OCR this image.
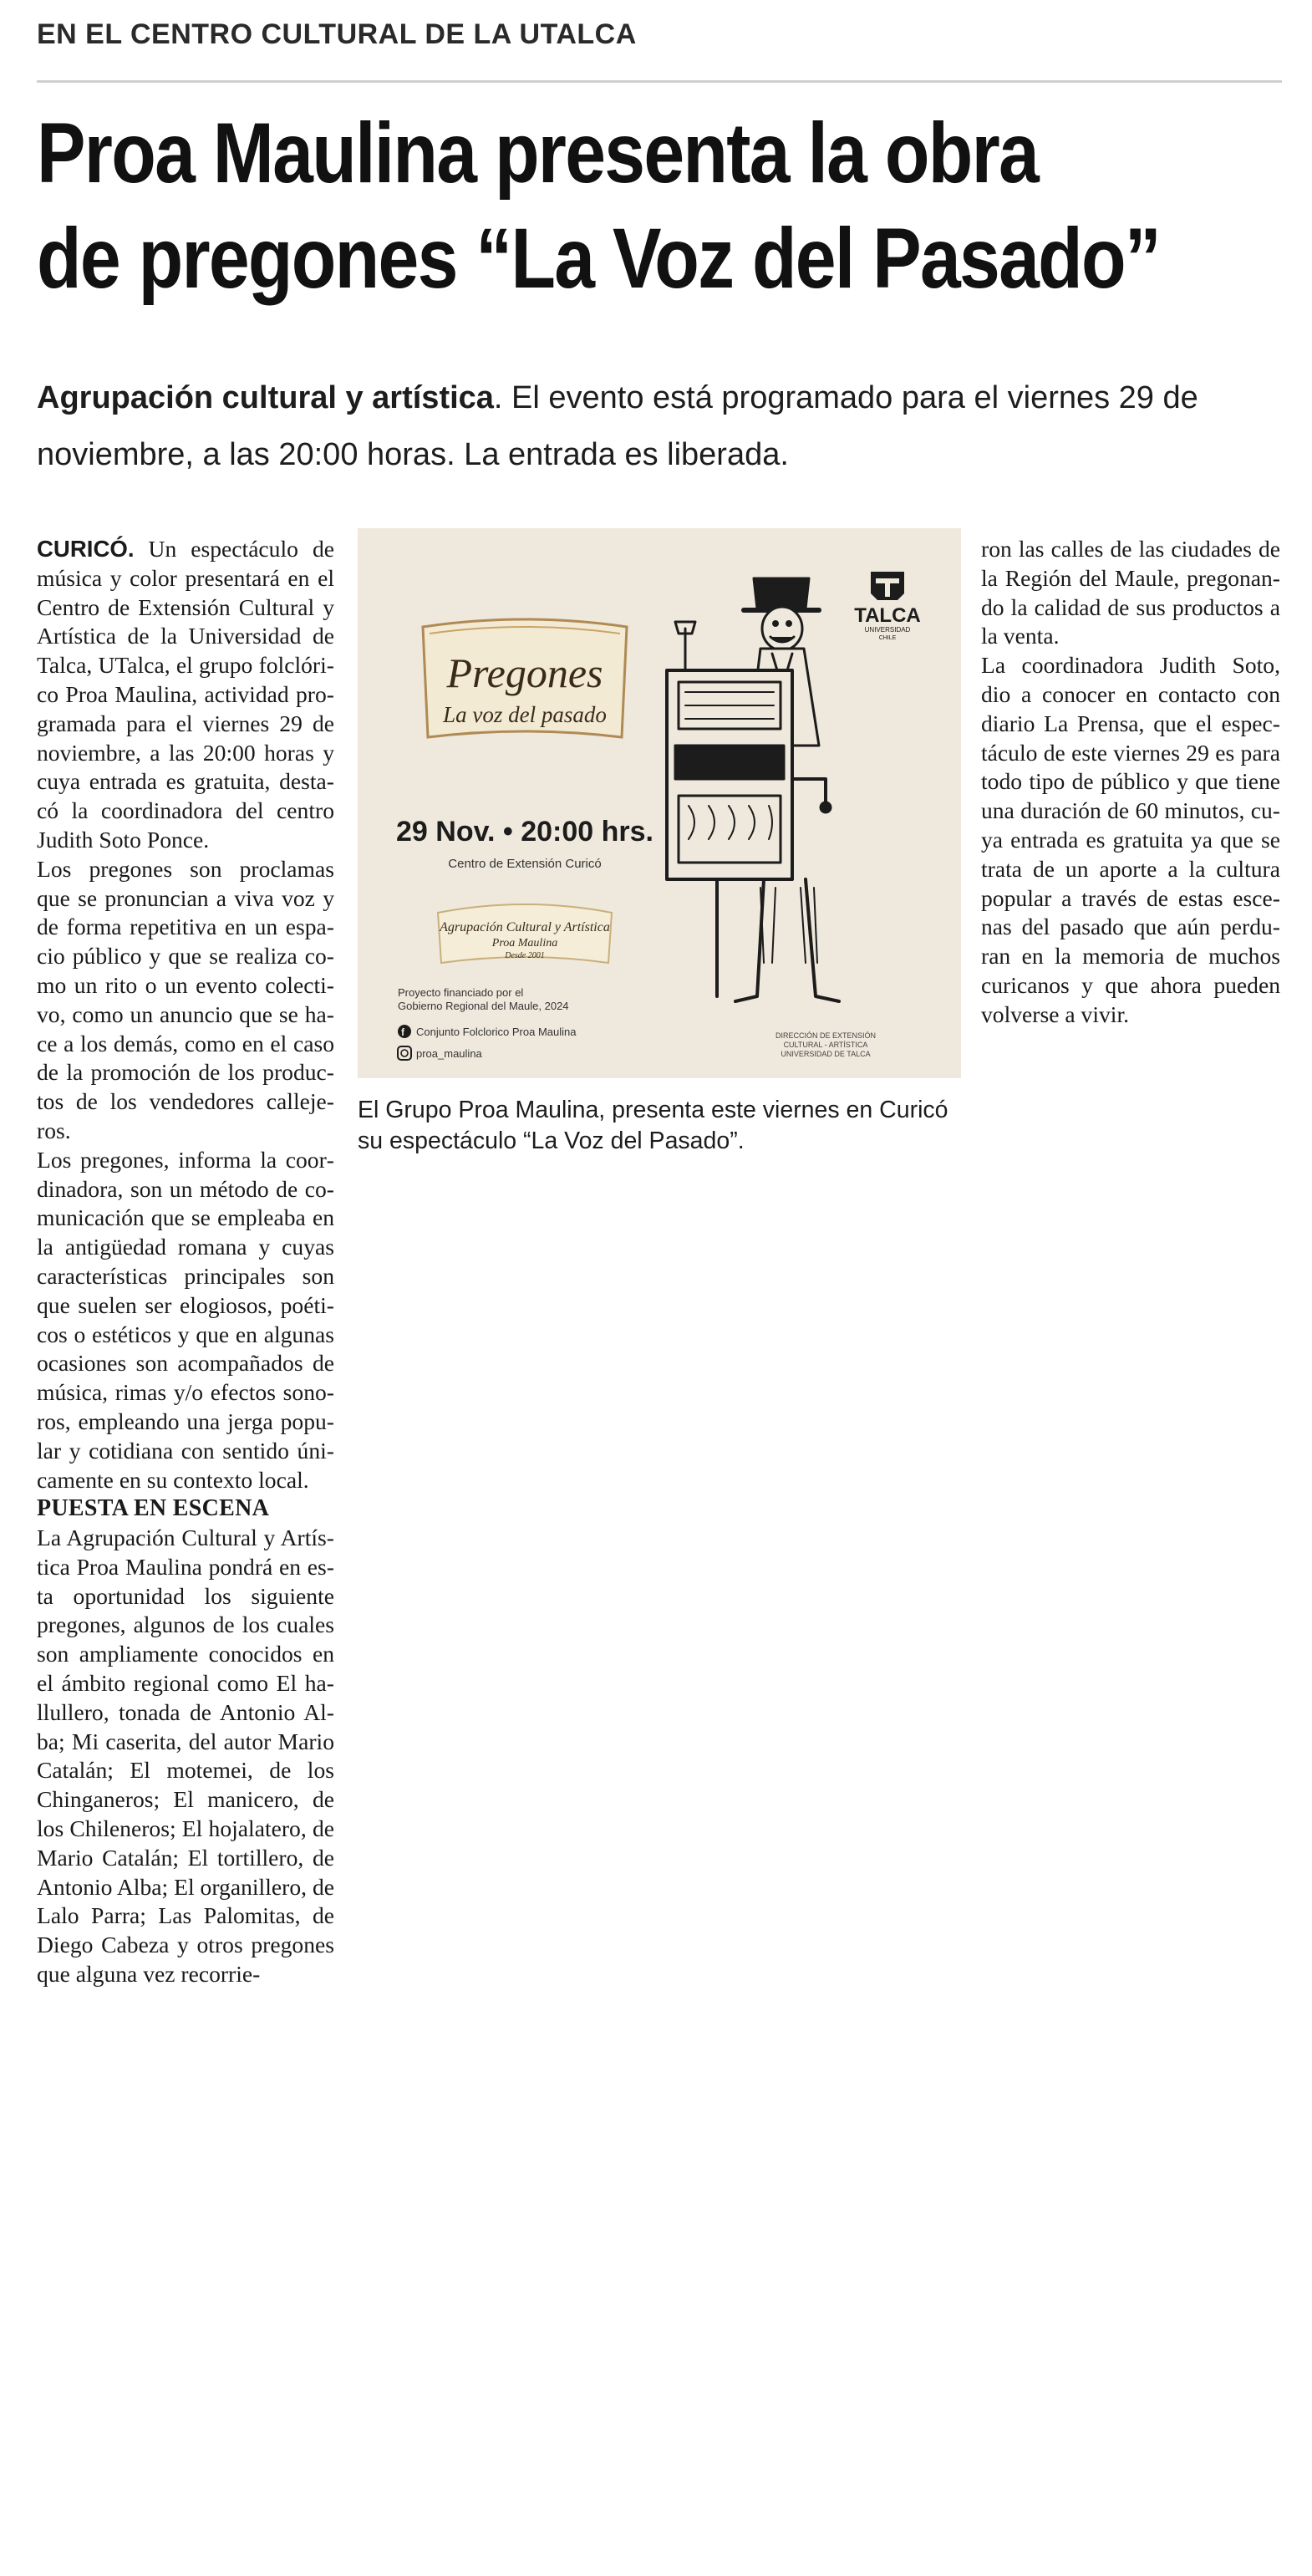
EN EL CENTRO CULTURAL DE LA UTALCA
Proa Maulina presenta la obra
de pregones “La Voz del Pasado”

Agrupación cultural y artística. El evento está programado para el viernes 29 de noviembre, a las 20:00 horas. La entrada es liberada.

CURICÓ. Un espectáculo de música y color presentará en el Centro de Extensión Cultural y Artística de la Universidad de Talca, UTalca, el grupo folclórico Proa Maulina, actividad programada para el viernes 29 de noviembre, a las 20:00 horas y cuya entrada es gratuita, destacó la coordinadora del centro Judith Soto Ponce.

Los pregones son proclamas que se pronuncian a viva voz y de forma repetitiva en un espacio público y que se realiza como un rito o un evento colectivo, como un anuncio que se hace a los demás, como en el caso de la promoción de los productos de los vendedores callejeros.

Los pregones, informa la coordinadora, son un método de comunicación que se empleaba en la antigüedad romana y cuyas características principales son que suelen ser elogiosos, poéticos o estéticos y que en algunas ocasiones son acompañados de música, rimas y/o efectos sonoros, empleando una jerga popular y cotidiana con sentido únicamente en su contexto local.

PUESTA EN ESCENA

La Agrupación Cultural y Artística Proa Maulina pondrá en esta oportunidad los siguiente pregones, algunos de los cuales son ampliamente conocidos en el ámbito regional como El hallullero, tonada de Antonio Alba; Mi caserita, del autor Mario Catalán; El motemei, de los Chinganeros; El manicero, de los Chileneros; El hojalatero, de Mario Catalán; El tortillero, de Antonio Alba; El organillero, de Lalo Parra; Las Palomitas, de Diego Cabeza y otros pregones que alguna vez recorrie-

Pregones
La voz del pasado
29 Nov. • 20:00 hrs.
Centro de Extensión Curicó
Agrupación Cultural y Artística
Proa Maulina
Desde 2001
Proyecto financiado por el
Gobierno Regional del Maule, 2024
f Conjunto Folclorico Proa Maulina
proa_maulina
TALCA
UNIVERSIDAD
CHILE
DIRECCIÓN DE EXTENSIÓN
CULTURAL - ARTÍSTICA
UNIVERSIDAD DE TALCA

El Grupo Proa Maulina, presenta este viernes en Curicó su espectáculo “La Voz del Pasado”.

ron las calles de las ciudades de la Región del Maule, pregonando la calidad de sus productos a la venta.

La coordinadora Judith Soto, dio a conocer en contacto con diario La Prensa, que el espectáculo de este viernes 29 es para todo tipo de público y que tiene una duración de 60 minutos, cuya entrada es gratuita ya que se trata de un aporte a la cultura popular a través de estas escenas del pasado que aún perduran en la memoria de muchos curicanos y que ahora pueden volverse a vivir.
